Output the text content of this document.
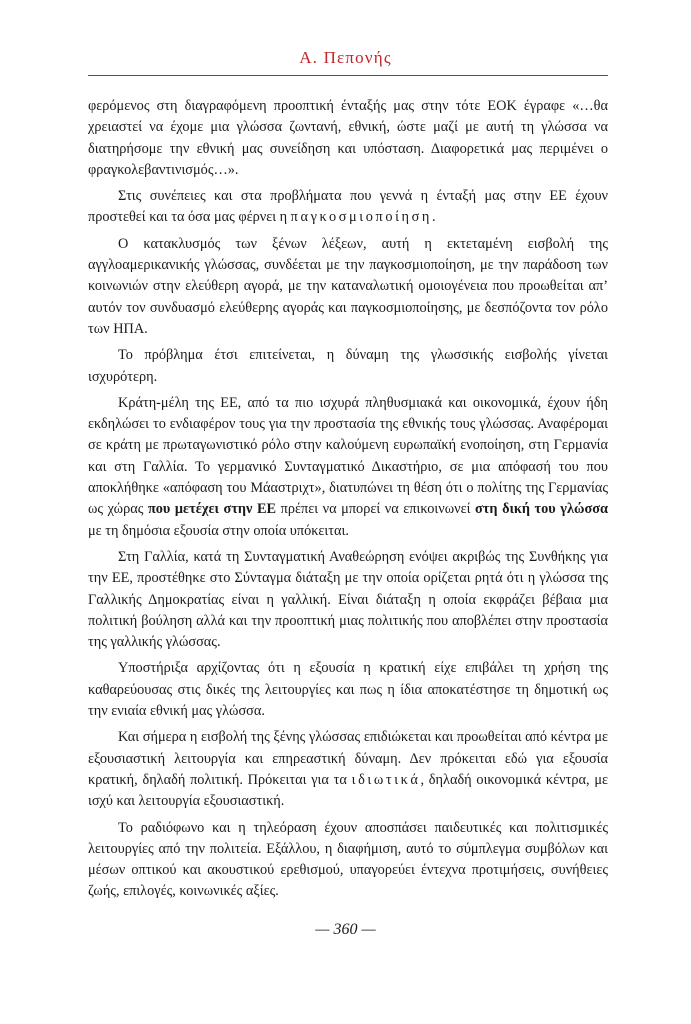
Α. Πεπονής

φερόμενος στη διαγραφόμενη προοπτική ένταξής μας στην τότε ΕΟΚ έγραφε «…θα χρειαστεί να έχομε μια γλώσσα ζωντανή, εθνική, ώστε μαζί με αυτή τη γλώσσα να διατηρήσομε την εθνική μας συνείδηση και υπόσταση. Διαφορετικά μας περιμένει ο φραγκολεβαντινισμός…».

Στις συνέπειες και στα προβλήματα που γεννά η ένταξή μας στην ΕΕ έχουν προστεθεί και τα όσα μας φέρνει η παγκοσμιοποίηση.

Ο κατακλυσμός των ξένων λέξεων, αυτή η εκτεταμένη εισβολή της αγγλοαμερικανικής γλώσσας, συνδέεται με την παγκοσμιοποίηση, με την παράδοση των κοινωνιών στην ελεύθερη αγορά, με την καταναλωτική ομοιογένεια που προωθείται απ’ αυτόν τον συνδυασμό ελεύθερης αγοράς και παγκοσμιοποίησης, με δεσπόζοντα τον ρόλο των ΗΠΑ.

Το πρόβλημα έτσι επιτείνεται, η δύναμη της γλωσσικής εισβολής γίνεται ισχυρότερη.

Κράτη-μέλη της ΕΕ, από τα πιο ισχυρά πληθυσμιακά και οικονομικά, έχουν ήδη εκδηλώσει το ενδιαφέρον τους για την προστασία της εθνικής τους γλώσσας. Αναφέρομαι σε κράτη με πρωταγωνιστικό ρόλο στην καλούμενη ευρωπαϊκή ενοποίηση, στη Γερμανία και στη Γαλλία. Το γερμανικό Συνταγματικό Δικαστήριο, σε μια απόφασή του που αποκλήθηκε «απόφαση του Μάαστριχτ», διατυπώνει τη θέση ότι ο πολίτης της Γερμανίας ως χώρας που μετέχει στην ΕΕ πρέπει να μπορεί να επικοινωνεί στη δική του γλώσσα με τη δημόσια εξουσία στην οποία υπόκειται.

Στη Γαλλία, κατά τη Συνταγματική Αναθεώρηση ενόψει ακριβώς της Συνθήκης για την ΕΕ, προστέθηκε στο Σύνταγμα διάταξη με την οποία ορίζεται ρητά ότι η γλώσσα της Γαλλικής Δημοκρατίας είναι η γαλλική. Είναι διάταξη η οποία εκφράζει βέβαια μια πολιτική βούληση αλλά και την προοπτική μιας πολιτικής που αποβλέπει στην προστασία της γαλλικής γλώσσας.

Υποστήριξα αρχίζοντας ότι η εξουσία η κρατική είχε επιβάλει τη χρήση της καθαρεύουσας στις δικές της λειτουργίες και πως η ίδια αποκατέστησε τη δημοτική ως την ενιαία εθνική μας γλώσσα.

Και σήμερα η εισβολή της ξένης γλώσσας επιδιώκεται και προωθείται από κέντρα με εξουσιαστική λειτουργία και επηρεαστική δύναμη. Δεν πρόκειται εδώ για εξουσία κρατική, δηλαδή πολιτική. Πρόκειται για τα ιδιωτικά, δηλαδή οικονομικά κέντρα, με ισχύ και λειτουργία εξουσιαστική.

Το ραδιόφωνο και η τηλεόραση έχουν αποσπάσει παιδευτικές και πολιτισμικές λειτουργίες από την πολιτεία. Εξάλλου, η διαφήμιση, αυτό το σύμπλεγμα συμβόλων και μέσων οπτικού και ακουστικού ερεθισμού, υπαγορεύει έντεχνα προτιμήσεις, συνήθειες ζωής, επιλογές, κοινωνικές αξίες.

— 360 —
